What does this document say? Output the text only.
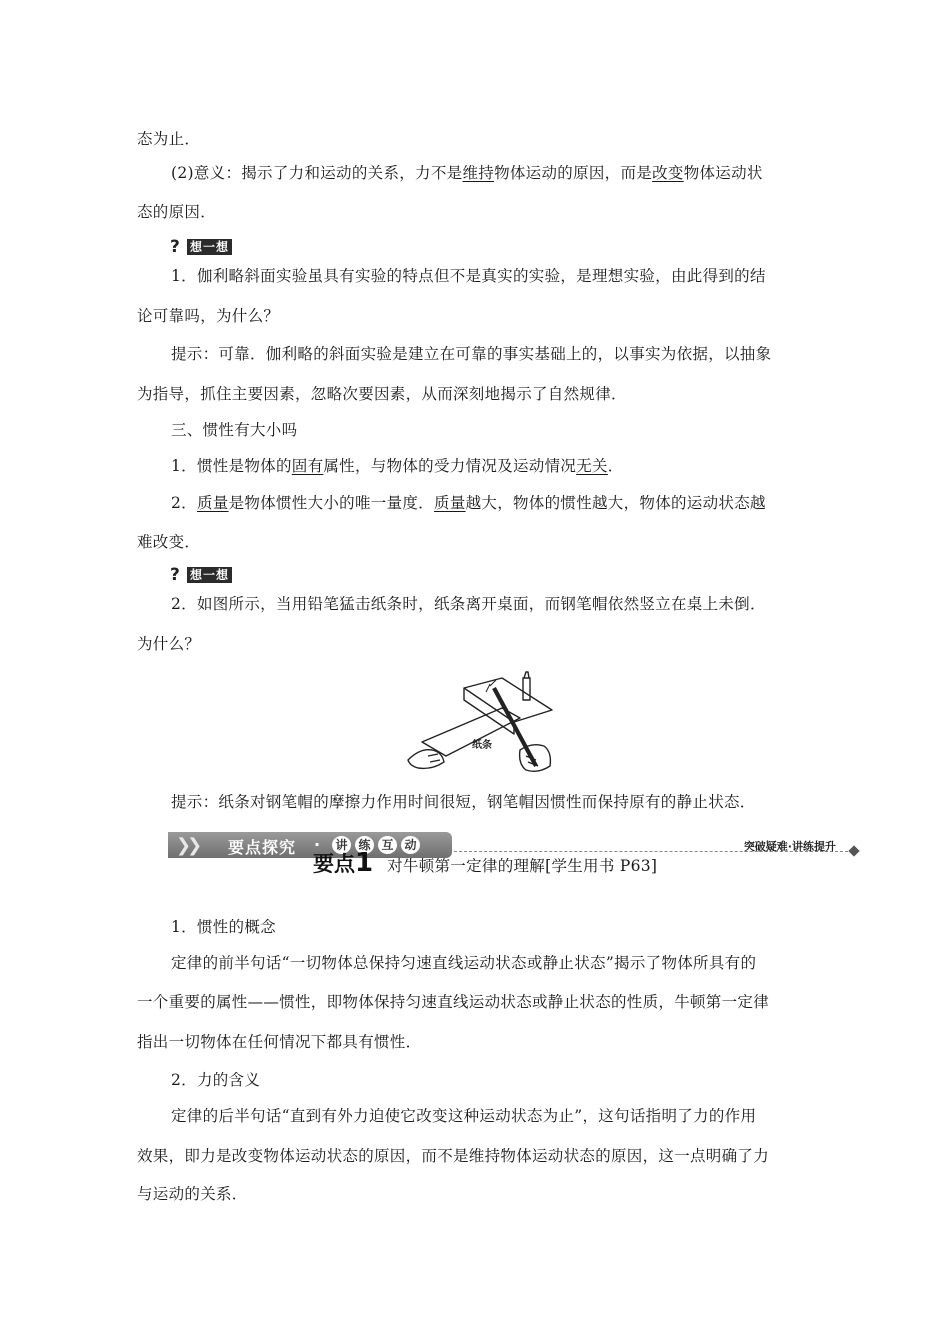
态为止．
(2)意义：揭示了力和运动的关系，力不是维持物体运动的原因，而是改变物体运动状
态的原因．
? 想一想
1．伽利略斜面实验虽具有实验的特点但不是真实的实验，是理想实验，由此得到的结
论可靠吗，为什么？
提示：可靠．伽利略的斜面实验是建立在可靠的事实基础上的，以事实为依据，以抽象
为指导，抓住主要因素，忽略次要因素，从而深刻地揭示了自然规律．
三、惯性有大小吗
1．惯性是物体的固有属性，与物体的受力情况及运动情况无关．
2．质量是物体惯性大小的唯一量度．质量越大，物体的惯性越大，物体的运动状态越
难改变．
? 想一想
2．如图所示，当用铅笔猛击纸条时，纸条离开桌面，而钢笔帽依然竖立在桌上未倒．
为什么？
纸条
提示：纸条对钢笔帽的摩擦力作用时间很短，钢笔帽因惯性而保持原有的静止状态．
❯❯ 要点探究 · 讲 练 互 动	突破疑难·讲练提升
要点 1 对牛顿第一定律的理解[学生用书 P63]
1．惯性的概念
定律的前半句话“一切物体总保持匀速直线运动状态或静止状态”揭示了物体所具有的
一个重要的属性——惯性，即物体保持匀速直线运动状态或静止状态的性质，牛顿第一定律
指出一切物体在任何情况下都具有惯性．
2．力的含义
定律的后半句话“直到有外力迫使它改变这种运动状态为止”，这句话指明了力的作用
效果，即力是改变物体运动状态的原因，而不是维持物体运动状态的原因，这一点明确了力
与运动的关系．
